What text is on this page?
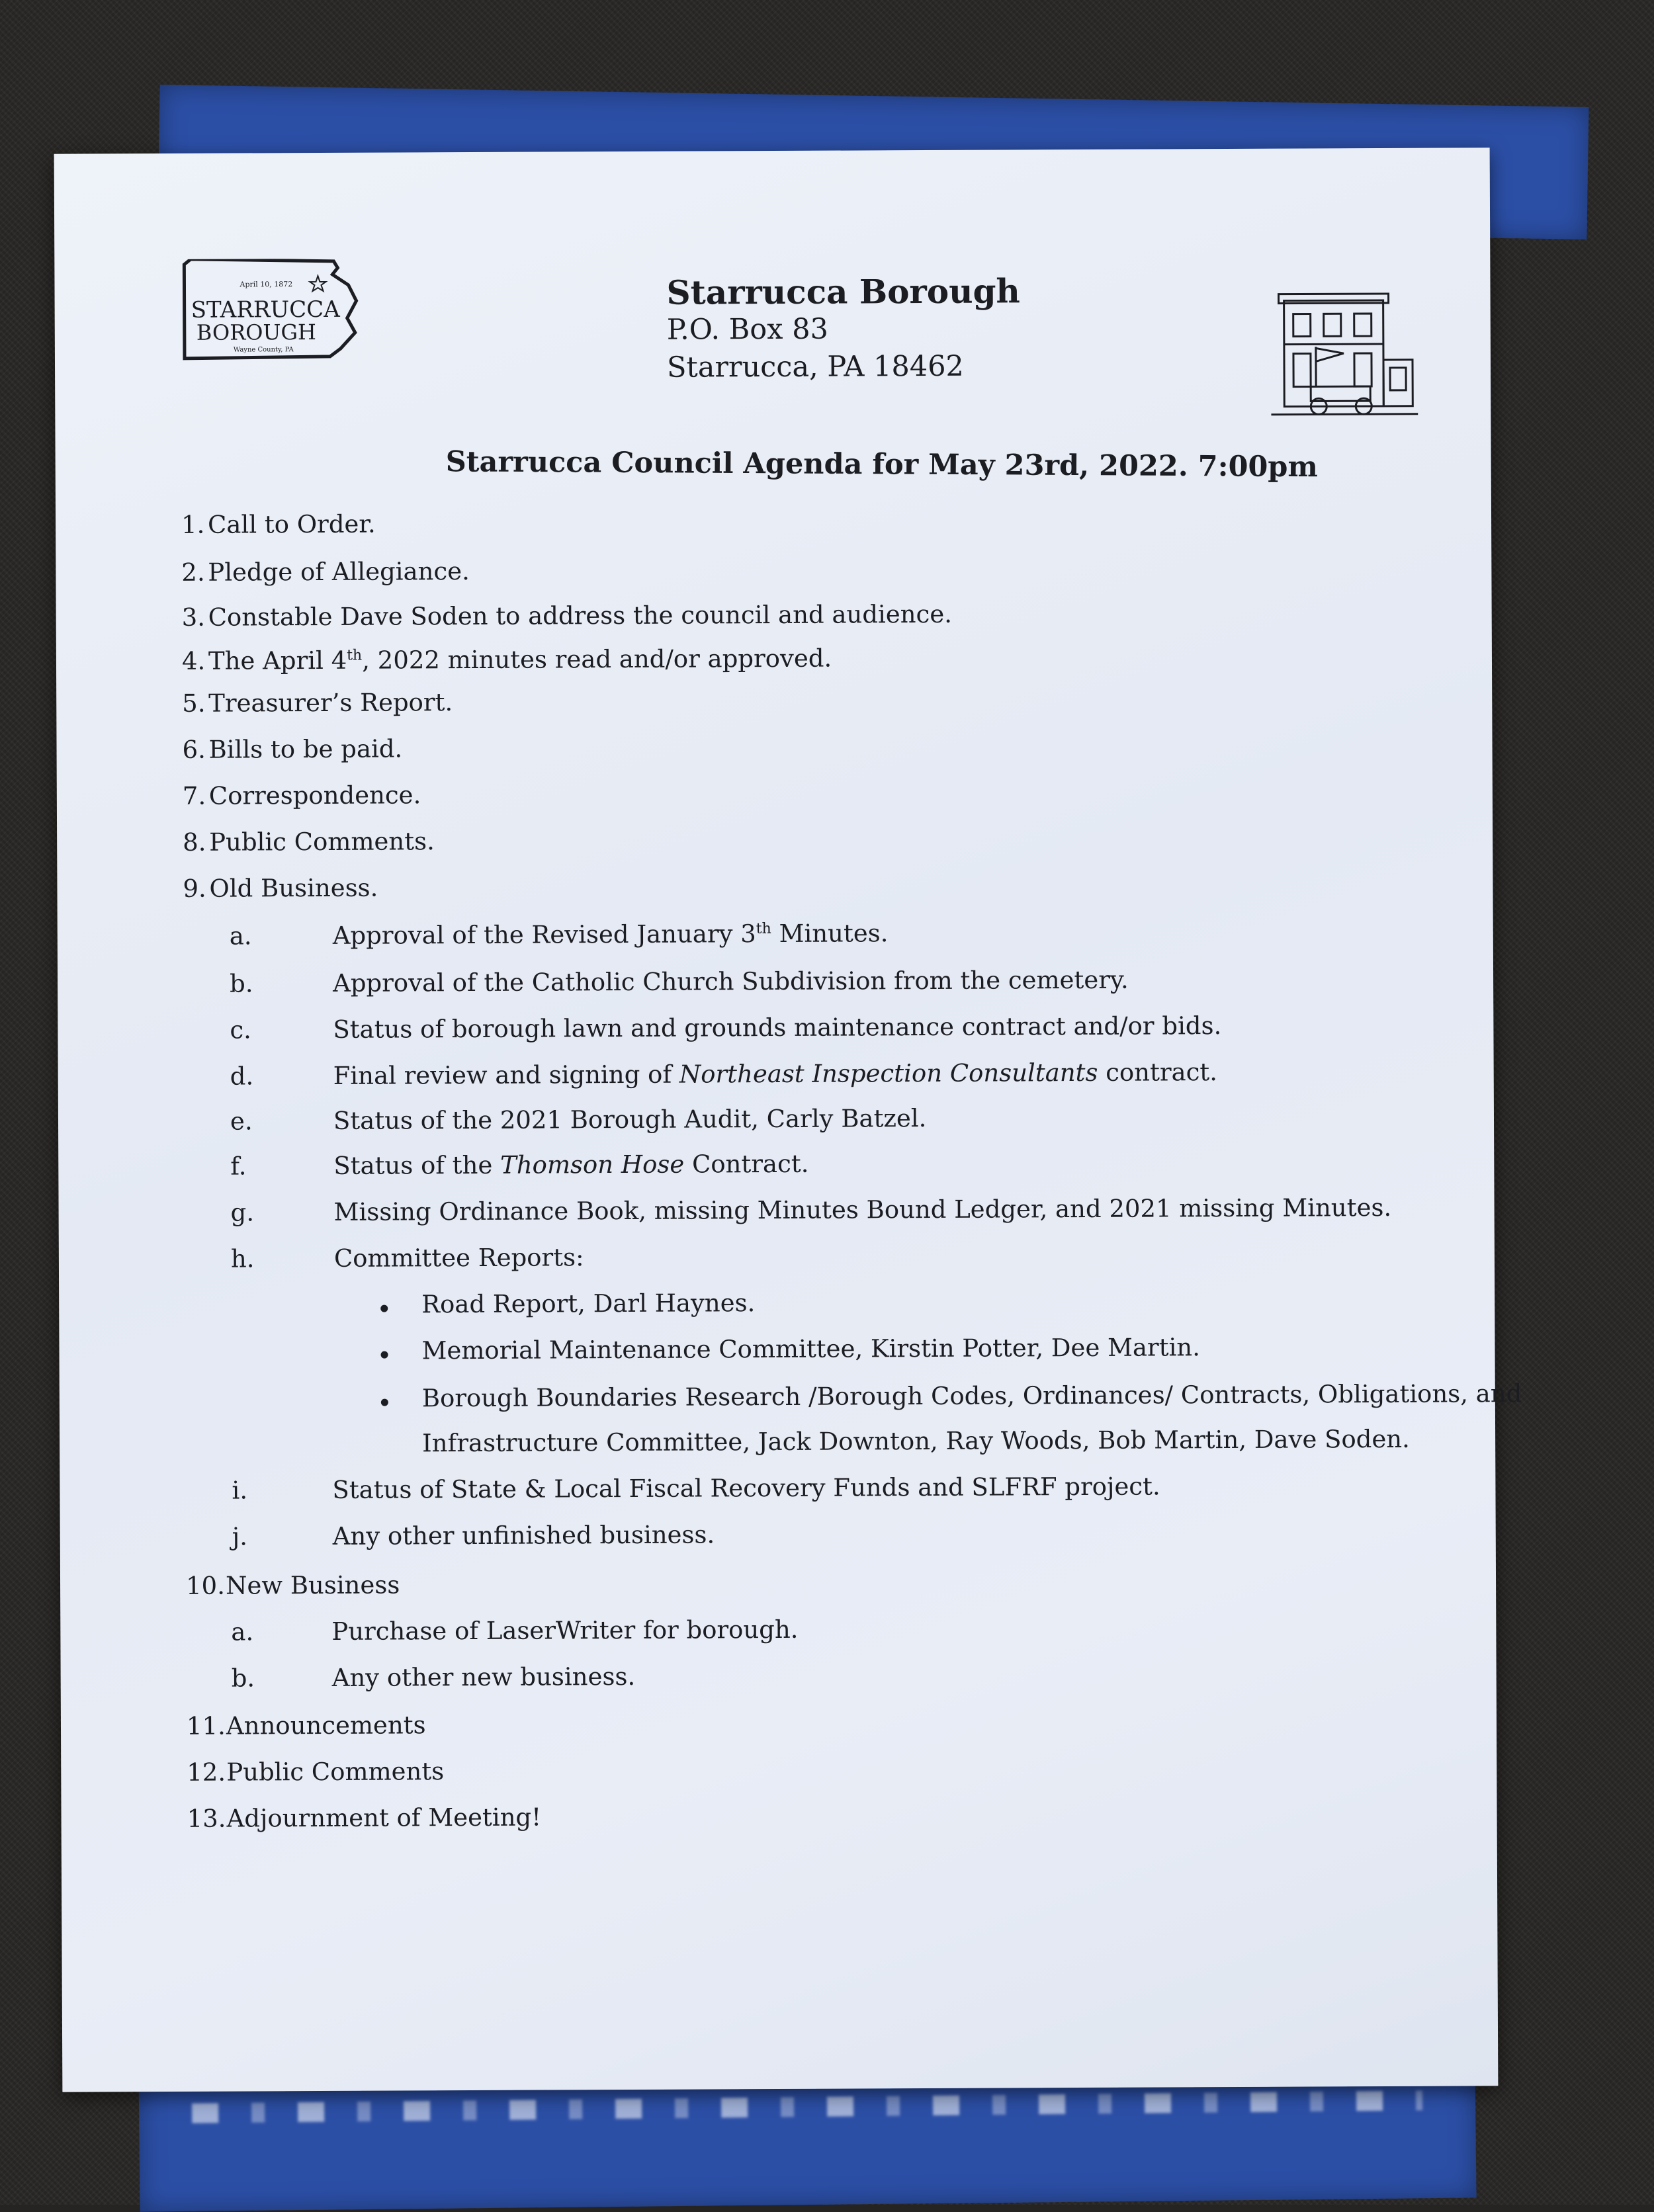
April 10, 1872
STARRUCCA
BOROUGH
Wayne County, PA
Starrucca Borough
P.O. Box 83
Starrucca, PA 18462
Starrucca Council Agenda for May 23rd, 2022. 7:00pm
1. Call to Order.
2. Pledge of Allegiance.
3. Constable Dave Soden to address the council and audience.
4. The April 4th, 2022 minutes read and/or approved.
5. Treasurer’s Report.
6. Bills to be paid.
7. Correspondence.
8. Public Comments.
9. Old Business.
a.	Approval of the Revised January 3th Minutes.
b.	Approval of the Catholic Church Subdivision from the cemetery.
c.	Status of borough lawn and grounds maintenance contract and/or bids.
d.	Final review and signing of Northeast Inspection Consultants contract.
e.	Status of the 2021 Borough Audit, Carly Batzel.
f.	Status of the Thomson Hose Contract.
g.	Missing Ordinance Book, missing Minutes Bound Ledger, and 2021 missing Minutes.
h.	Committee Reports:
Road Report, Darl Haynes.
Memorial Maintenance Committee, Kirstin Potter, Dee Martin.
Borough Boundaries Research /Borough Codes, Ordinances/ Contracts, Obligations, and
Infrastructure Committee, Jack Downton, Ray Woods, Bob Martin, Dave Soden.
i.	Status of State & Local Fiscal Recovery Funds and SLFRF project.
j.	Any other unfinished business.
10. New Business
a.	Purchase of LaserWriter for borough.
b.	Any other new business.
11. Announcements
12. Public Comments
13. Adjournment of Meeting!
